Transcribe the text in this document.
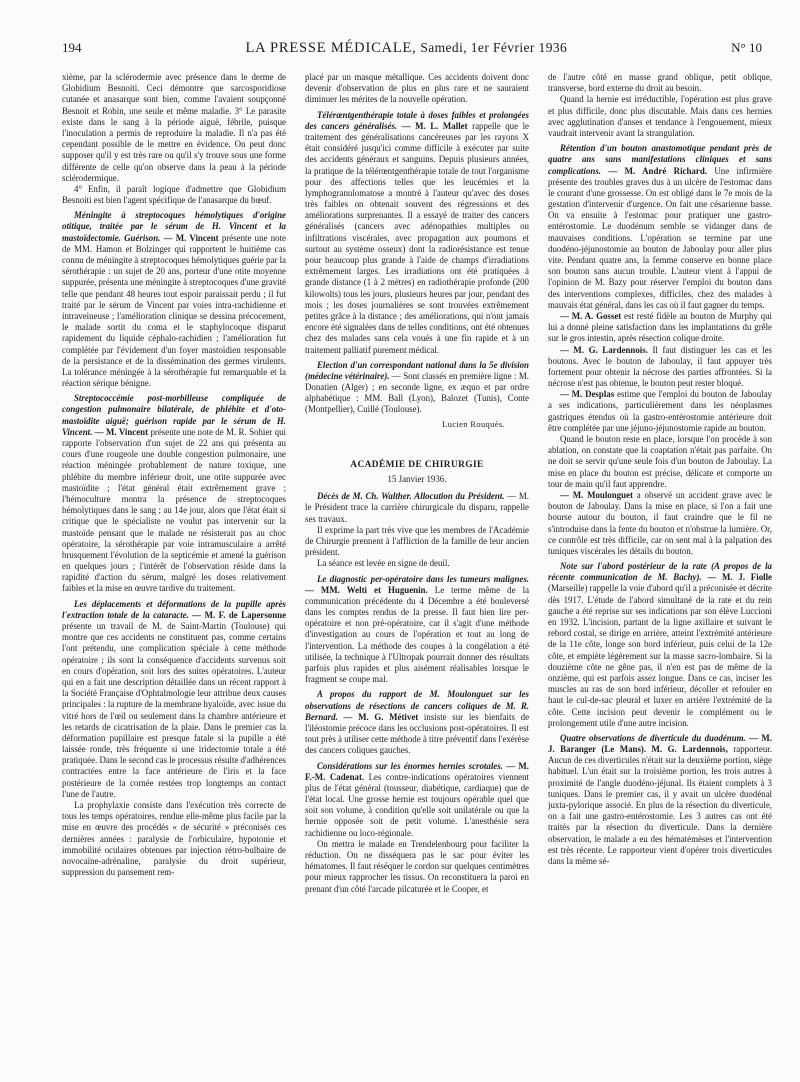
194	LA PRESSE MÉDICALE, Samedi, 1er Février 1936	N° 10

xième, par la sclérodermie avec présence dans le derme de Globidium Besnoiti. Ceci démontre que sarcosporidiose cutanée et anasarque sont bien, comme l'avaient soupçonné Besnoit et Robin, une seule et même maladie. 3° Le parasite existe dans le sang à la période aiguë, fébrile, puisque l'inoculation a permis de reproduire la maladie. Il n'a pas été cependant possible de le mettre en évidence. On peut donc supposer qu'il y est très rare ou qu'il s'y trouve sous une forme différente de celle qu'on observe dans la peau à la période sclérodermique.

4° Enfin, il paraît logique d'admettre que Globidium Besnoiti est bien l'agent spécifique de l'anasarque du bœuf.

Méningite à streptocoques hémolytiques d'origine otitique, traitée par le sérum de H. Vincent et la mastoïdectomie. Guérison. — M. Vincent présente une note de MM. Hamon et Bolzinger qui rapportent le huitième cas connu de méningite à streptocoques hémolytiques guérie par la sérothérapie : un sujet de 20 ans, porteur d'une otite moyenne suppurée, présenta une méningite à streptocoques d'une gravité telle que pendant 48 heures tout espoir paraissait perdu ; il fut traité par le sérum de Vincent par voies intra-rachidienne et intraveineuse ; l'amélioration clinique se dessina précocement, le malade sortit du coma et le staphylocoque disparut rapidement du liquide céphalo-rachidien ; l'amélioration fut complétée par l'évidement d'un foyer mastoïdien responsable de la persistance et de la dissémination des germes virulents. La tolérance méningée à la sérothérapie fut remarquable et la réaction sérique bénigne.

Streptococcémie post-morbilleuse compliquée de congestion pulmonaire bilatérale, de phlébite et d'oto-mastoïdite aiguë; guérison rapide par le sérum de H. Vincent. — M. Vincent présente une note de M. R. Sohier qui rapporte l'observation d'un sujet de 22 ans qui présenta au cours d'une rougeole une double congestion pulmonaire, une réaction méningée probablement de nature toxique, une phlébite du membre inférieur droit, une otite suppurée avec mastoïdite ; l'état général était extrêmement grave ; l'hémoculture montra la présence de streptocoques hémolytiques dans le sang ; au 14e jour, alors que l'état était si critique que le spécialiste ne voulut pas intervenir sur la mastoïde pensant que le malade ne résisterait pas au choc opératoire, la sérothérapie par voie intramusculaire a arrêté brusquement l'évolution de la septicémie et amené la guérison en quelques jours ; l'intérêt de l'observation réside dans la rapidité d'action du sérum, malgré les doses relativement faibles et la mise en œuvre tardive du traitement.

Les déplacements et déformations de la pupille après l'extraction totale de la cataracte. — M. F. de Lapersonne présente un travail de M. de Saint-Martin (Toulouse) qui montre que ces accidents ne constituent pas, comme certains l'ont prétendu, une complication spéciale à cette méthode opératoire ; ils sont la conséquence d'accidents survenus soit en cours d'opération, soit lors des suites opératoires. L'auteur qui en a fait une description détaillée dans un récent rapport à la Société Française d'Ophtalmologie leur attribue deux causes principales : la rupture de la membrane hyaloïde, avec issue du vitré hors de l'œil ou seulement dans la chambre antérieure et les retards de cicatrisation de la plaie. Dans le premier cas la déformation pupillaire est presque fatale si la pupille a été laissée ronde, très fréquente si une iridectomie totale a été pratiquée. Dans le second cas le processus résulte d'adhérences contractées entre la face antérieure de l'iris et la face postérieure de la cornée restées trop longtemps au contact l'une de l'autre.

La prophylaxie consiste dans l'exécution très correcte de tous les temps opératoires, rendue elle-même plus facile par la mise en œuvre des procédés « de sécurité » préconisés ces dernières années : paralysie de l'orbiculaire, hypotonie et immobilité oculaires obtenues par injection rétro-bulbaire de novocaïne-adrénaline, paralysie du droit supérieur, suppression du pansement rem-

placé par un masque métallique. Ces accidents doivent donc devenir d'observation de plus en plus rare et ne sauraient diminuer les mérites de la nouvelle opération.

Télérœntgenthérapie totale à doses faibles et prolongées des cancers généralisés. — M. L. Mallet rappelle que le traitement des généralisations cancéreuses par les rayons X était considéré jusqu'ici comme difficile à exécuter par suite des accidents généraux et sanguins. Depuis plusieurs années, la pratique de la télérœntgenthérapie totale de tout l'organisme pour des affections telles que les leucémies et la lymphogranulomatose a montré à l'auteur qu'avec des doses très faibles on obtenait souvent des régressions et des améliorations surprenantes. Il a essayé de traiter des cancers généralisés (cancers avec adénopathies multiples ou infiltrations viscérales, avec propagation aux poumons et surtout au système osseux) dont la radiorésistance est tenue pour beaucoup plus grande à l'aide de champs d'irradiations extrêmement larges. Les irradiations ont été pratiquées à grande distance (1 à 2 mètres) en radiothérapie profonde (200 kilowolts) tous les jours, plusieurs heures par jour, pendant des mois ; les doses journalières se sont trouvées extrêmement petites grâce à la distance ; des améliorations, qui n'ont jamais encore été signalées dans de telles conditions, ont été obtenues chez des malades sans cela voués à une fin rapide et à un traitement palliatif purement médical.

Election d'un correspondant national dans la 5e division (médecine vétérinaire). — Sont classés en première ligne : M. Donatien (Alger) ; en seconde ligne, ex æquo et par ordre alphabétique : MM. Ball (Lyon), Balozet (Tunis), Conte (Montpellier), Cuillé (Toulouse).

Lucien Rouquès.

ACADÉMIE DE CHIRURGIE
15 Janvier 1936.

Décès de M. Ch. Walther. Allocution du Président. — M. le Président trace la carrière chirurgicale du disparu, rappelle ses travaux.

Il exprime la part très vive que les membres de l'Académie de Chirurgie prennent à l'affliction de la famille de leur ancien président.

La séance est levée en signe de deuil.

Le diagnostic per-opératoire dans les tumeurs malignes. — MM. Welti et Huguenin. Le terme même de la communication précédente du 4 Décembre a été bouleversé dans les comptes rendus de la presse. Il faut bien lire per-opératoire et non pré-opératoire, car il s'agit d'une méthode d'investigation au cours de l'opération et tout au long de l'intervention. La méthode des coupes à la congélation a été utilisée, la technique à l'Ultropak pourrait donner des résultats parfois plus rapides et plus aisément réalisables lorsque le fragment se coupe mal.

A propos du rapport de M. Moulonguet sur les observations de résections de cancers coliques de M. R. Bernard. — M. G. Métivet insiste sur les bienfaits de l'iléostomie précoce dans les occlusions post-opératoires. Il est tout près à utiliser cette méthode à titre préventif dans l'exérèse des cancers coliques gauches.

Considérations sur les énormes hernies scrotales. — M. F.-M. Cadenat. Les contre-indications opératoires viennent plus de l'état général (tousseur, diabétique, cardiaque) que de l'état local. Une grosse hernie est toujours opérable quel que soit son volume, à condition qu'elle soit unilatérale ou que la hernie opposée soit de petit volume. L'anesthésie sera rachidienne ou loco-régionale.

On mettra le malade en Trendelenbourg pour faciliter la réduction. On ne disséquera pas le sac pour éviter les hématomes. Il faut réséquer le cordon sur quelques centimètres pour mieux rapprocher les tissus. On reconstituera la paroi en prenant d'un côté l'arcade pilcaturée et le Cooper, et

de l'autre côté en masse grand oblique, petit oblique, transverse, bord externe du droit au besoin.

Quand la hernie est irréductible, l'opération est plus grave et plus difficile, donc plus discutable. Mais dans ces hernies avec agglutination d'anses et tendance à l'engouement, mieux vaudrait intervenir avant la strangulation.

Rétention d'un bouton anastomotique pendant près de quatre ans sans manifestations cliniques et sans complications. — M. André Richard. Une infirmière présente des troubles graves dus à un ulcère de l'estomac dans le courant d'une grossesse. On est obligé dans le 7e mois de la gestation d'intervenir d'urgence. On fait une césarienne basse. On va ensuite à l'estomac pour pratiquer une gastro-entérostomie. Le duodénum semble se vidanger dans de mauvaises conditions. L'opération se termine par une duodéno-jéjunostomie au bouton de Jaboulay pour aller plus vite. Pendant quatre ans, la femme conserve en bonne place son bouton sans aucun trouble. L'auteur vient à l'appui de l'opinion de M. Bazy pour réserver l'emploi du bouton dans des interventions complexes, difficiles, chez des malades à mauvais état général, dans les cas où il faut gagner du temps.

— M. A. Gosset est resté fidèle au bouton de Murphy qui lui a donné pleine satisfaction dans les implantations du grêle sur le gros intestin, après résection colique droite.

— M. G. Lardennois. Il faut distinguer les cas et les boutons. Avec le bouton de Jaboulay, il faut appuyer très fortement pour obtenir la nécrose des parties affrontées. Si la nécrose n'est pas obtenue, le bouton peut rester bloqué.

— M. Desplas estime que l'emploi du bouton de Jaboulay a ses indications, particulièrement dans les néoplasmes gastriques étendus où la gastro-entérostomie antérieure doit être complétée par une jéjuno-jéjunostomie rapide au bouton.

Quand le bouton reste en place, lorsque l'on procède à son ablation, on constate que la coaptation n'était pas parfaite. On ne doit se servir qu'une seule fois d'un bouton de Jaboulay. La mise en place du bouton est précise, délicate et comporte un tour de main qu'il faut apprendre.

— M. Moulonguet a observé un accident grave avec le bouton de Jaboulay. Dans la mise en place, si l'on a fait une bourse autour du bouton, il faut craindre que le fil ne s'introduise dans la fente du bouton et n'obstrue la lumière. Or, ce contrôle est très difficile, car on sent mal à la palpation des tuniques viscérales les détails du bouton.

Note sur l'abord postérieur de la rate (A propos de la récente communication de M. Bachy). — M. J. Fiolle (Marseille) rappelle la voie d'abord qu'il a préconisée et décrite dès 1917. L'étude de l'abord simultané de la rate et du rein gauche a été reprise sur ses indications par son élève Luccioni en 1932. L'incision, partant de la ligne axillaire et suivant le rebord costal, se dirige en arrière, atteint l'extrémité antérieure de la 11e côte, longe son bord inférieur, puis celui de la 12e côte, et empiète légèrement sur la masse sacro-lombaire. Si la douzième côte ne gêne pas, il n'en est pas de même de la onzième, qui est parfois assez longue. Dans ce cas, inciser les muscles au ras de son bord inférieur, décoller et refouler en haut le cul-de-sac pleural et luxer en arrière l'extrémité de la côte. Cette incision peut devenir le complément ou le prolongement utile d'une autre incision.

Quatre observations de diverticule du duodénum. — M. J. Baranger (Le Mans). M. G. Lardennois, rapporteur. Aucun de ces diverticules n'était sur la deuxième portion, siège habituel. L'un était sur la troisième portion, les trois autres à proximité de l'angle duodéno-jéjunal. Ils étaient complets à 3 tuniques. Dans le premier cas, il y avait un ulcère duodénal juxta-pylorique associé. En plus de la résection du diverticule, on a fait une gastro-entérostomie. Les 3 autres cas ont été traités par la résection du diverticule. Dans la dernière observation, le malade a eu des hématémèses et l'intervention est très récente. Le rapporteur vient d'opérer trois diverticules dans la même sé-
